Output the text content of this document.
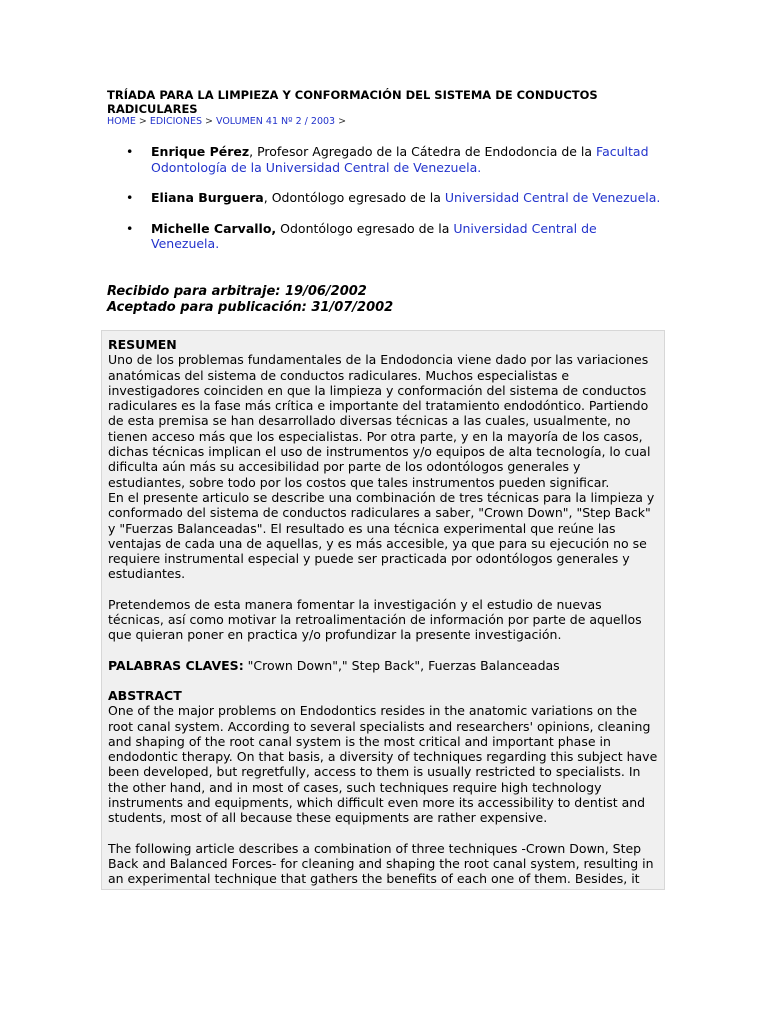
TRÍADA PARA LA LIMPIEZA Y CONFORMACIÓN DEL SISTEMA DE CONDUCTOS RADICULARES
HOME > EDICIONES > VOLUMEN 41 Nº 2 / 2003 >
• Enrique Pérez, Profesor Agregado de la Cátedra de Endodoncia de la Facultad Odontología de la Universidad Central de Venezuela.
• Eliana Burguera, Odontólogo egresado de la Universidad Central de Venezuela.
• Michelle Carvallo, Odontólogo egresado de la Universidad Central de Venezuela.
Recibido para arbitraje: 19/06/2002
Aceptado para publicación: 31/07/2002

RESUMEN
Uno de los problemas fundamentales de la Endodoncia viene dado por las variaciones anatómicas del sistema de conductos radiculares. Muchos especialistas e investigadores coinciden en que la limpieza y conformación del sistema de conductos radiculares es la fase más crítica e importante del tratamiento endodóntico. Partiendo de esta premisa se han desarrollado diversas técnicas a las cuales, usualmente, no tienen acceso más que los especialistas. Por otra parte, y en la mayoría de los casos, dichas técnicas implican el uso de instrumentos y/o equipos de alta tecnología, lo cual dificulta aún más su accesibilidad por parte de los odontólogos generales y estudiantes, sobre todo por los costos que tales instrumentos pueden significar.

En el presente articulo se describe una combinación de tres técnicas para la limpieza y conformado del sistema de conductos radiculares a saber, "Crown Down", "Step Back" y "Fuerzas Balanceadas". El resultado es una técnica experimental que reúne las ventajas de cada una de aquellas, y es más accesible, ya que para su ejecución no se requiere instrumental especial y puede ser practicada por odontólogos generales y estudiantes.

Pretendemos de esta manera fomentar la investigación y el estudio de nuevas técnicas, así como motivar la retroalimentación de información por parte de aquellos que quieran poner en practica y/o profundizar la presente investigación.

PALABRAS CLAVES: "Crown Down"," Step Back", Fuerzas Balanceadas

ABSTRACT
One of the major problems on Endodontics resides in the anatomic variations on the root canal system. According to several specialists and researchers' opinions, cleaning and shaping of the root canal system is the most critical and important phase in endodontic therapy. On that basis, a diversity of techniques regarding this subject have been developed, but regretfully, access to them is usually restricted to specialists. In the other hand, and in most of cases, such techniques require high technology instruments and equipments, which difficult even more its accessibility to dentist and students, most of all because these equipments are rather expensive.

The following article describes a combination of three techniques -Crown Down, Step Back and Balanced Forces- for cleaning and shaping the root canal system, resulting in an experimental technique that gathers the benefits of each one of them. Besides, it
